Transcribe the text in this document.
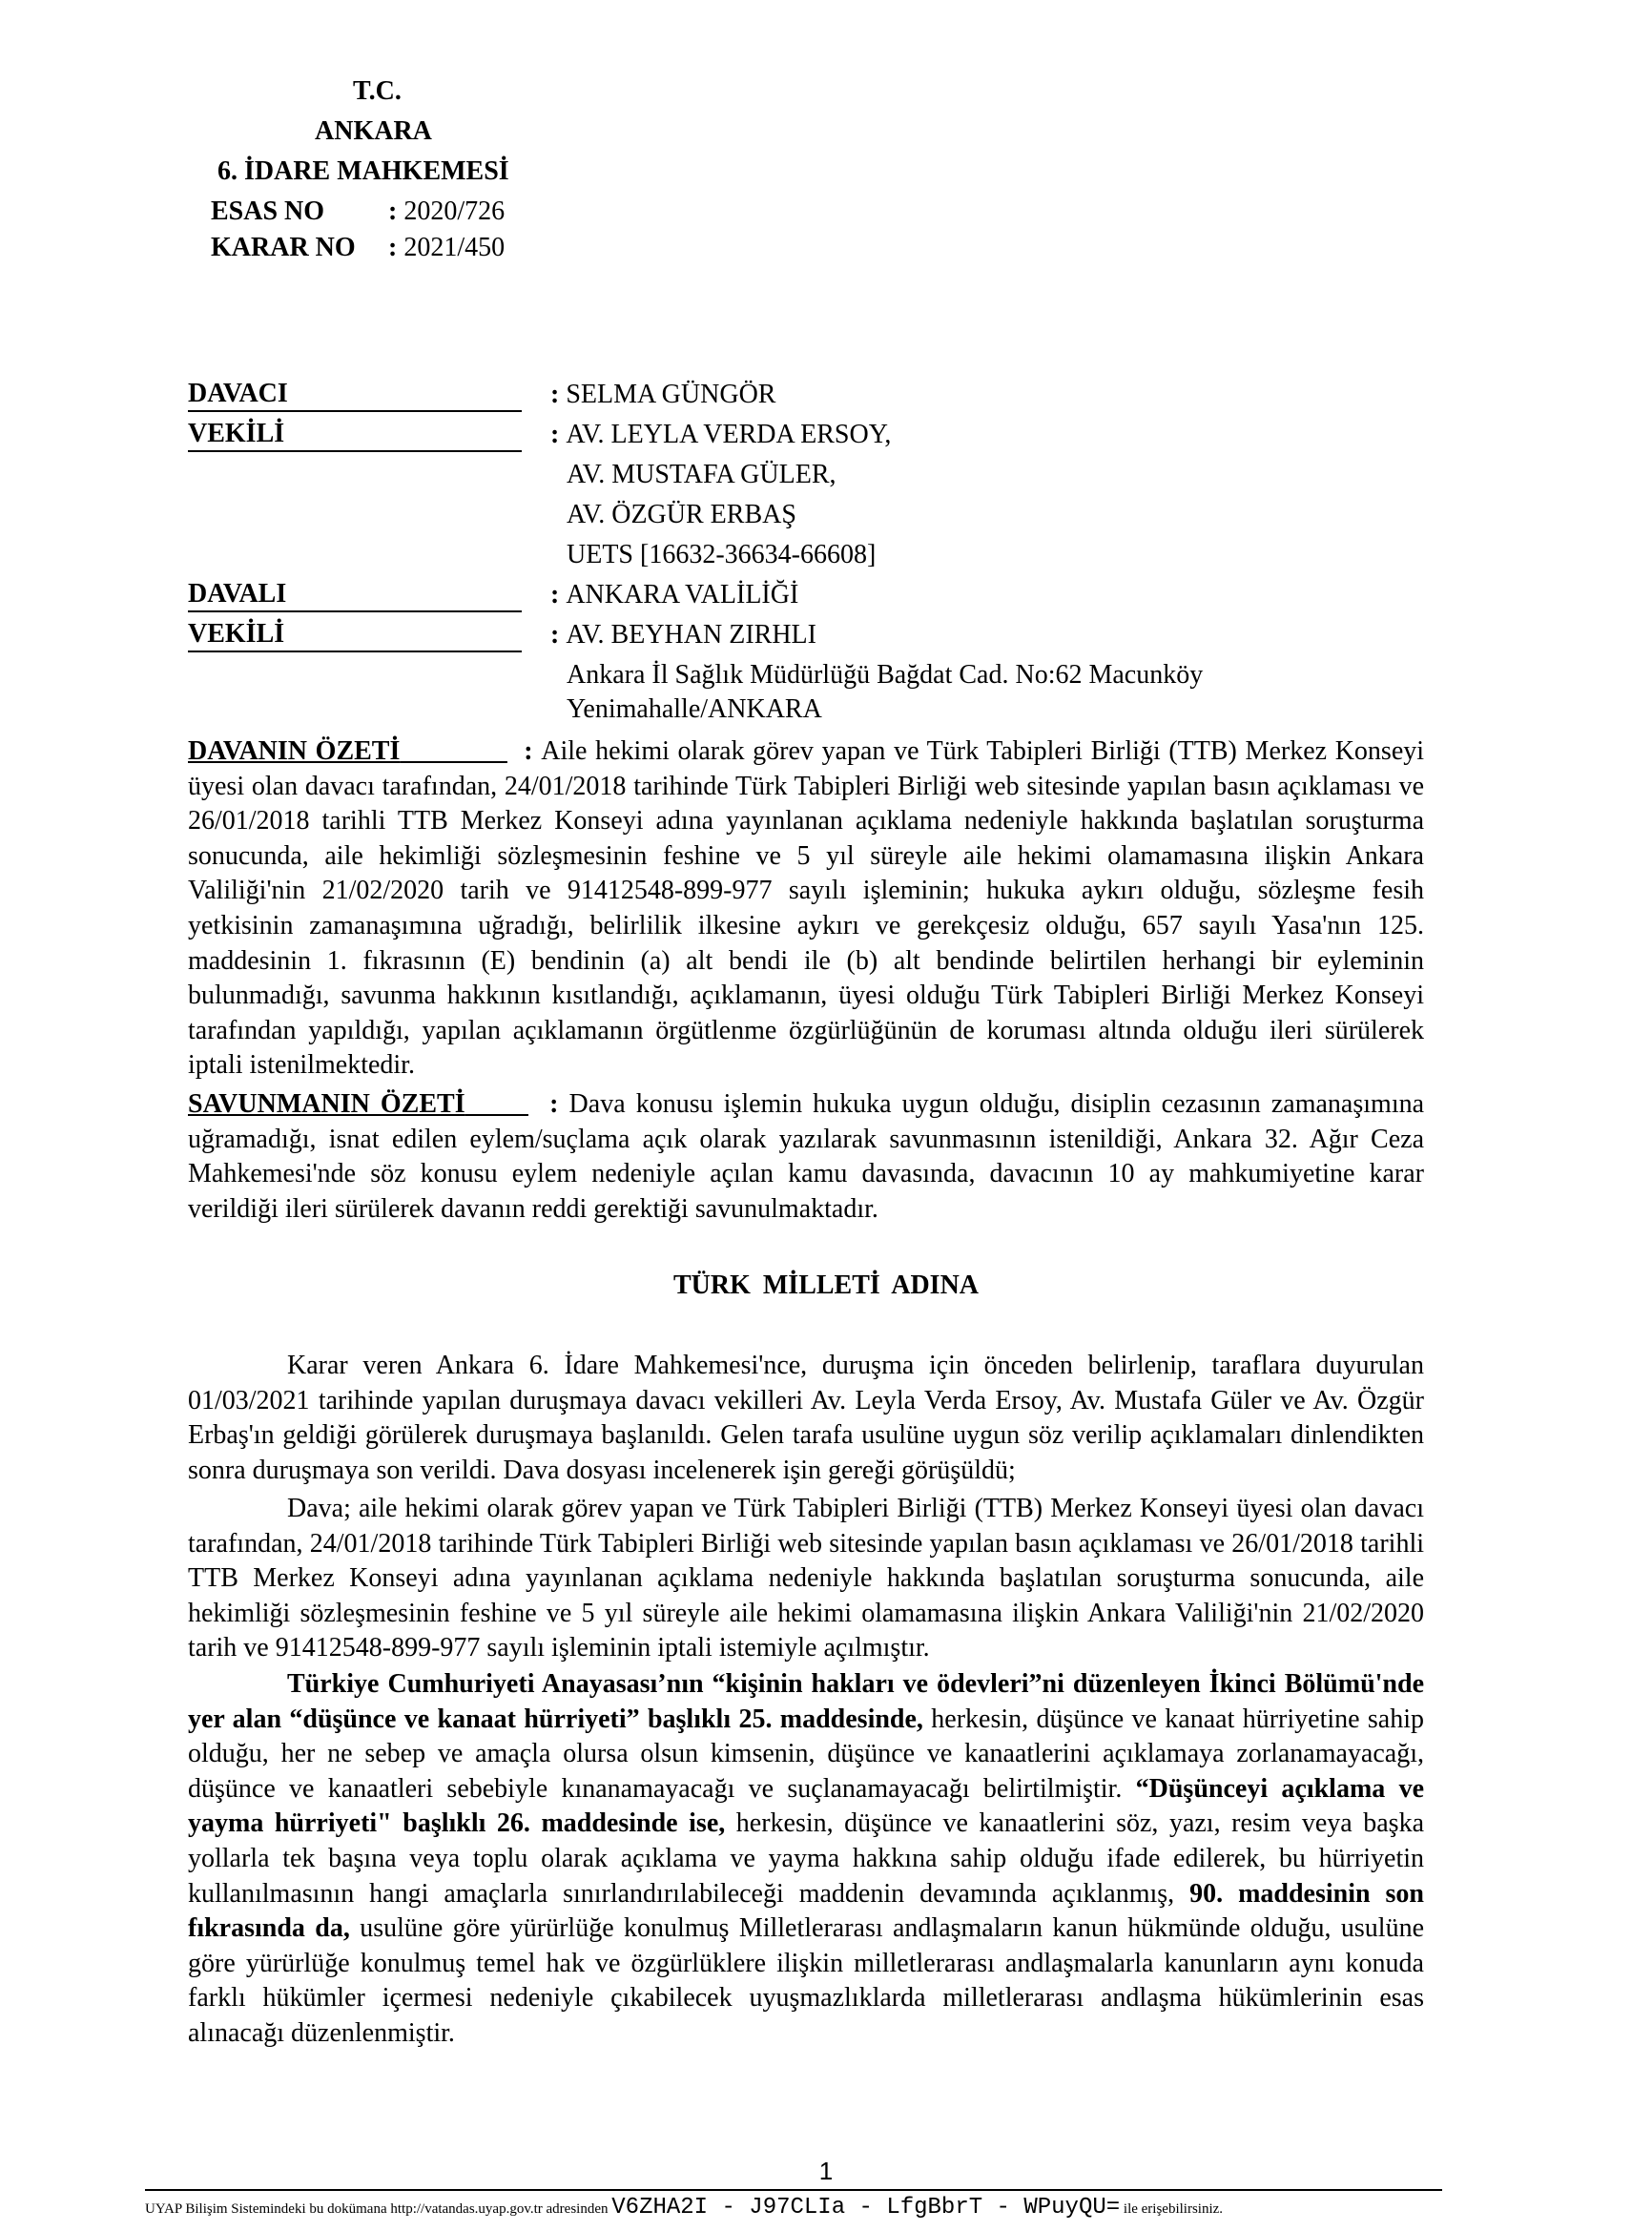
T.C.
ANKARA
6. İDARE MAHKEMESİ
ESAS NO : 2020/726
KARAR NO : 2021/450
DAVACI	: SELMA GÜNGÖR
VEKİLİ	: AV. LEYLA VERDA ERSOY,
AV. MUSTAFA GÜLER,
AV. ÖZGÜR ERBAŞ
UETS [16632-36634-66608]
DAVALI	: ANKARA VALİLİĞİ
VEKİLİ	: AV. BEYHAN ZIRHLI
Ankara İl Sağlık Müdürlüğü Bağdat Cad. No:62 Macunköy
Yenimahalle/ANKARA
DAVANIN ÖZETİ	: Aile hekimi olarak görev yapan ve Türk Tabipleri Birliği (TTB) Merkez Konseyi üyesi olan davacı tarafından, 24/01/2018 tarihinde Türk Tabipleri Birliği web sitesinde yapılan basın açıklaması ve 26/01/2018 tarihli TTB Merkez Konseyi adına yayınlanan açıklama nedeniyle hakkında başlatılan soruşturma sonucunda, aile hekimliği sözleşmesinin feshine ve 5 yıl süreyle aile hekimi olamamasına ilişkin Ankara Valiliği'nin 21/02/2020 tarih ve 91412548-899-977 sayılı işleminin; hukuka aykırı olduğu, sözleşme fesih yetkisinin zamanaşımına uğradığı, belirlilik ilkesine aykırı ve gerekçesiz olduğu, 657 sayılı Yasa'nın 125. maddesinin 1. fıkrasının (E) bendinin (a) alt bendi ile (b) alt bendinde belirtilen herhangi bir eyleminin bulunmadığı, savunma hakkının kısıtlandığı, açıklamanın, üyesi olduğu Türk Tabipleri Birliği Merkez Konseyi tarafından yapıldığı, yapılan açıklamanın örgütlenme özgürlüğünün de koruması altında olduğu ileri sürülerek iptali istenilmektedir.
SAVUNMANIN ÖZETİ	: Dava konusu işlemin hukuka uygun olduğu, disiplin cezasının zamanaşımına uğramadığı, isnat edilen eylem/suçlama açık olarak yazılarak savunmasının istenildiği, Ankara 32. Ağır Ceza Mahkemesi'nde söz konusu eylem nedeniyle açılan kamu davasında, davacının 10 ay mahkumiyetine karar verildiği ileri sürülerek davanın reddi gerektiği savunulmaktadır.
TÜRK MİLLETİ ADINA
Karar veren Ankara 6. İdare Mahkemesi'nce, duruşma için önceden belirlenip, taraflara duyurulan 01/03/2021 tarihinde yapılan duruşmaya davacı vekilleri Av. Leyla Verda Ersoy, Av. Mustafa Güler ve Av. Özgür Erbaş'ın geldiği görülerek duruşmaya başlanıldı. Gelen tarafa usulüne uygun söz verilip açıklamaları dinlendikten sonra duruşmaya son verildi. Dava dosyası incelenerek işin gereği görüşüldü;
Dava; aile hekimi olarak görev yapan ve Türk Tabipleri Birliği (TTB) Merkez Konseyi üyesi olan davacı tarafından, 24/01/2018 tarihinde Türk Tabipleri Birliği web sitesinde yapılan basın açıklaması ve 26/01/2018 tarihli TTB Merkez Konseyi adına yayınlanan açıklama nedeniyle hakkında başlatılan soruşturma sonucunda, aile hekimliği sözleşmesinin feshine ve 5 yıl süreyle aile hekimi olamamasına ilişkin Ankara Valiliği'nin 21/02/2020 tarih ve 91412548-899-977 sayılı işleminin iptali istemiyle açılmıştır.
Türkiye Cumhuriyeti Anayasası’nın “kişinin hakları ve ödevleri”ni düzenleyen İkinci Bölümü'nde yer alan “düşünce ve kanaat hürriyeti” başlıklı 25. maddesinde, herkesin, düşünce ve kanaat hürriyetine sahip olduğu, her ne sebep ve amaçla olursa olsun kimsenin, düşünce ve kanaatlerini açıklamaya zorlanamayacağı, düşünce ve kanaatleri sebebiyle kınanamayacağı ve suçlanamayacağı belirtilmiştir. “Düşünceyi açıklama ve yayma hürriyeti" başlıklı 26. maddesinde ise, herkesin, düşünce ve kanaatlerini söz, yazı, resim veya başka yollarla tek başına veya toplu olarak açıklama ve yayma hakkına sahip olduğu ifade edilerek, bu hürriyetin kullanılmasının hangi amaçlarla sınırlandırılabileceği maddenin devamında açıklanmış, 90. maddesinin son fıkrasında da, usulüne göre yürürlüğe konulmuş Milletlerarası andlaşmaların kanun hükmünde olduğu, usulüne göre yürürlüğe konulmuş temel hak ve özgürlüklere ilişkin milletlerarası andlaşmalarla kanunların aynı konuda farklı hükümler içermesi nedeniyle çıkabilecek uyuşmazlıklarda milletlerarası andlaşma hükümlerinin esas alınacağı düzenlenmiştir.
1
UYAP Bilişim Sistemindeki bu dokümana http://vatandas.uyap.gov.tr adresinden V6ZHA2I - J97CLIa - LfgBbrT - WPuyQU= ile erişebilirsiniz.
